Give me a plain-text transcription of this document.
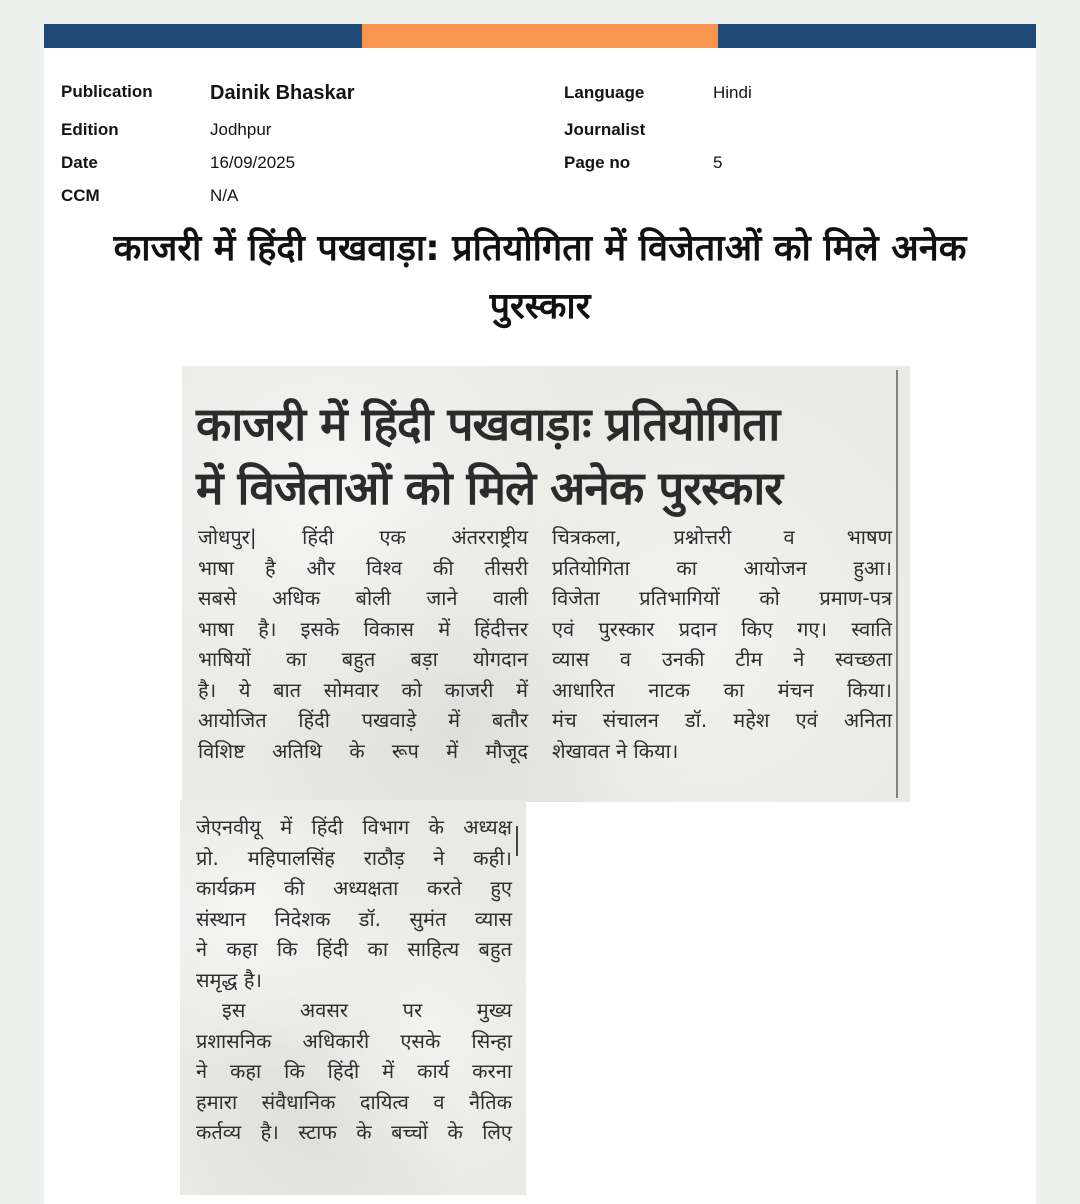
Publication	Dainik Bhaskar
Edition	Jodhpur
Date	16/09/2025
CCM	N/A
Language	Hindi
Journalist
Page no	5
काजरी में हिंदी पखवाड़ा: प्रतियोगिता में विजेताओं को मिले अनेक पुरस्कार
काजरी में हिंदी पखवाड़ाः प्रतियोगिता
में विजेताओं को मिले अनेक पुरस्कार
जोधपुर| हिंदी एक अंतरराष्ट्रीय
भाषा है और विश्व की तीसरी
सबसे अधिक बोली जाने वाली
भाषा है। इसके विकास में हिंदीत्तर
भाषियों का बहुत बड़ा योगदान
है। ये बात सोमवार को काजरी में
आयोजित हिंदी पखवाड़े में बतौर
विशिष्ट अतिथि के रूप में मौजूद
चित्रकला, प्रश्नोत्तरी व भाषण
प्रतियोगिता का आयोजन हुआ।
विजेता प्रतिभागियों को प्रमाण-पत्र
एवं पुरस्कार प्रदान किए गए। स्वाति
व्यास व उनकी टीम ने स्वच्छता
आधारित नाटक का मंचन किया।
मंच संचालन डॉ. महेश एवं अनिता
शेखावत ने किया।
जेएनवीयू में हिंदी विभाग के अध्यक्ष
प्रो. महिपालसिंह राठौड़ ने कही।
कार्यक्रम की अध्यक्षता करते हुए
संस्थान निदेशक डॉ. सुमंत व्यास
ने कहा कि हिंदी का साहित्य बहुत
समृद्ध है।
इस अवसर पर मुख्य
प्रशासनिक अधिकारी एसके सिन्हा
ने कहा कि हिंदी में कार्य करना
हमारा संवैधानिक दायित्व व नैतिक
कर्तव्य है। स्टाफ के बच्चों के लिए
